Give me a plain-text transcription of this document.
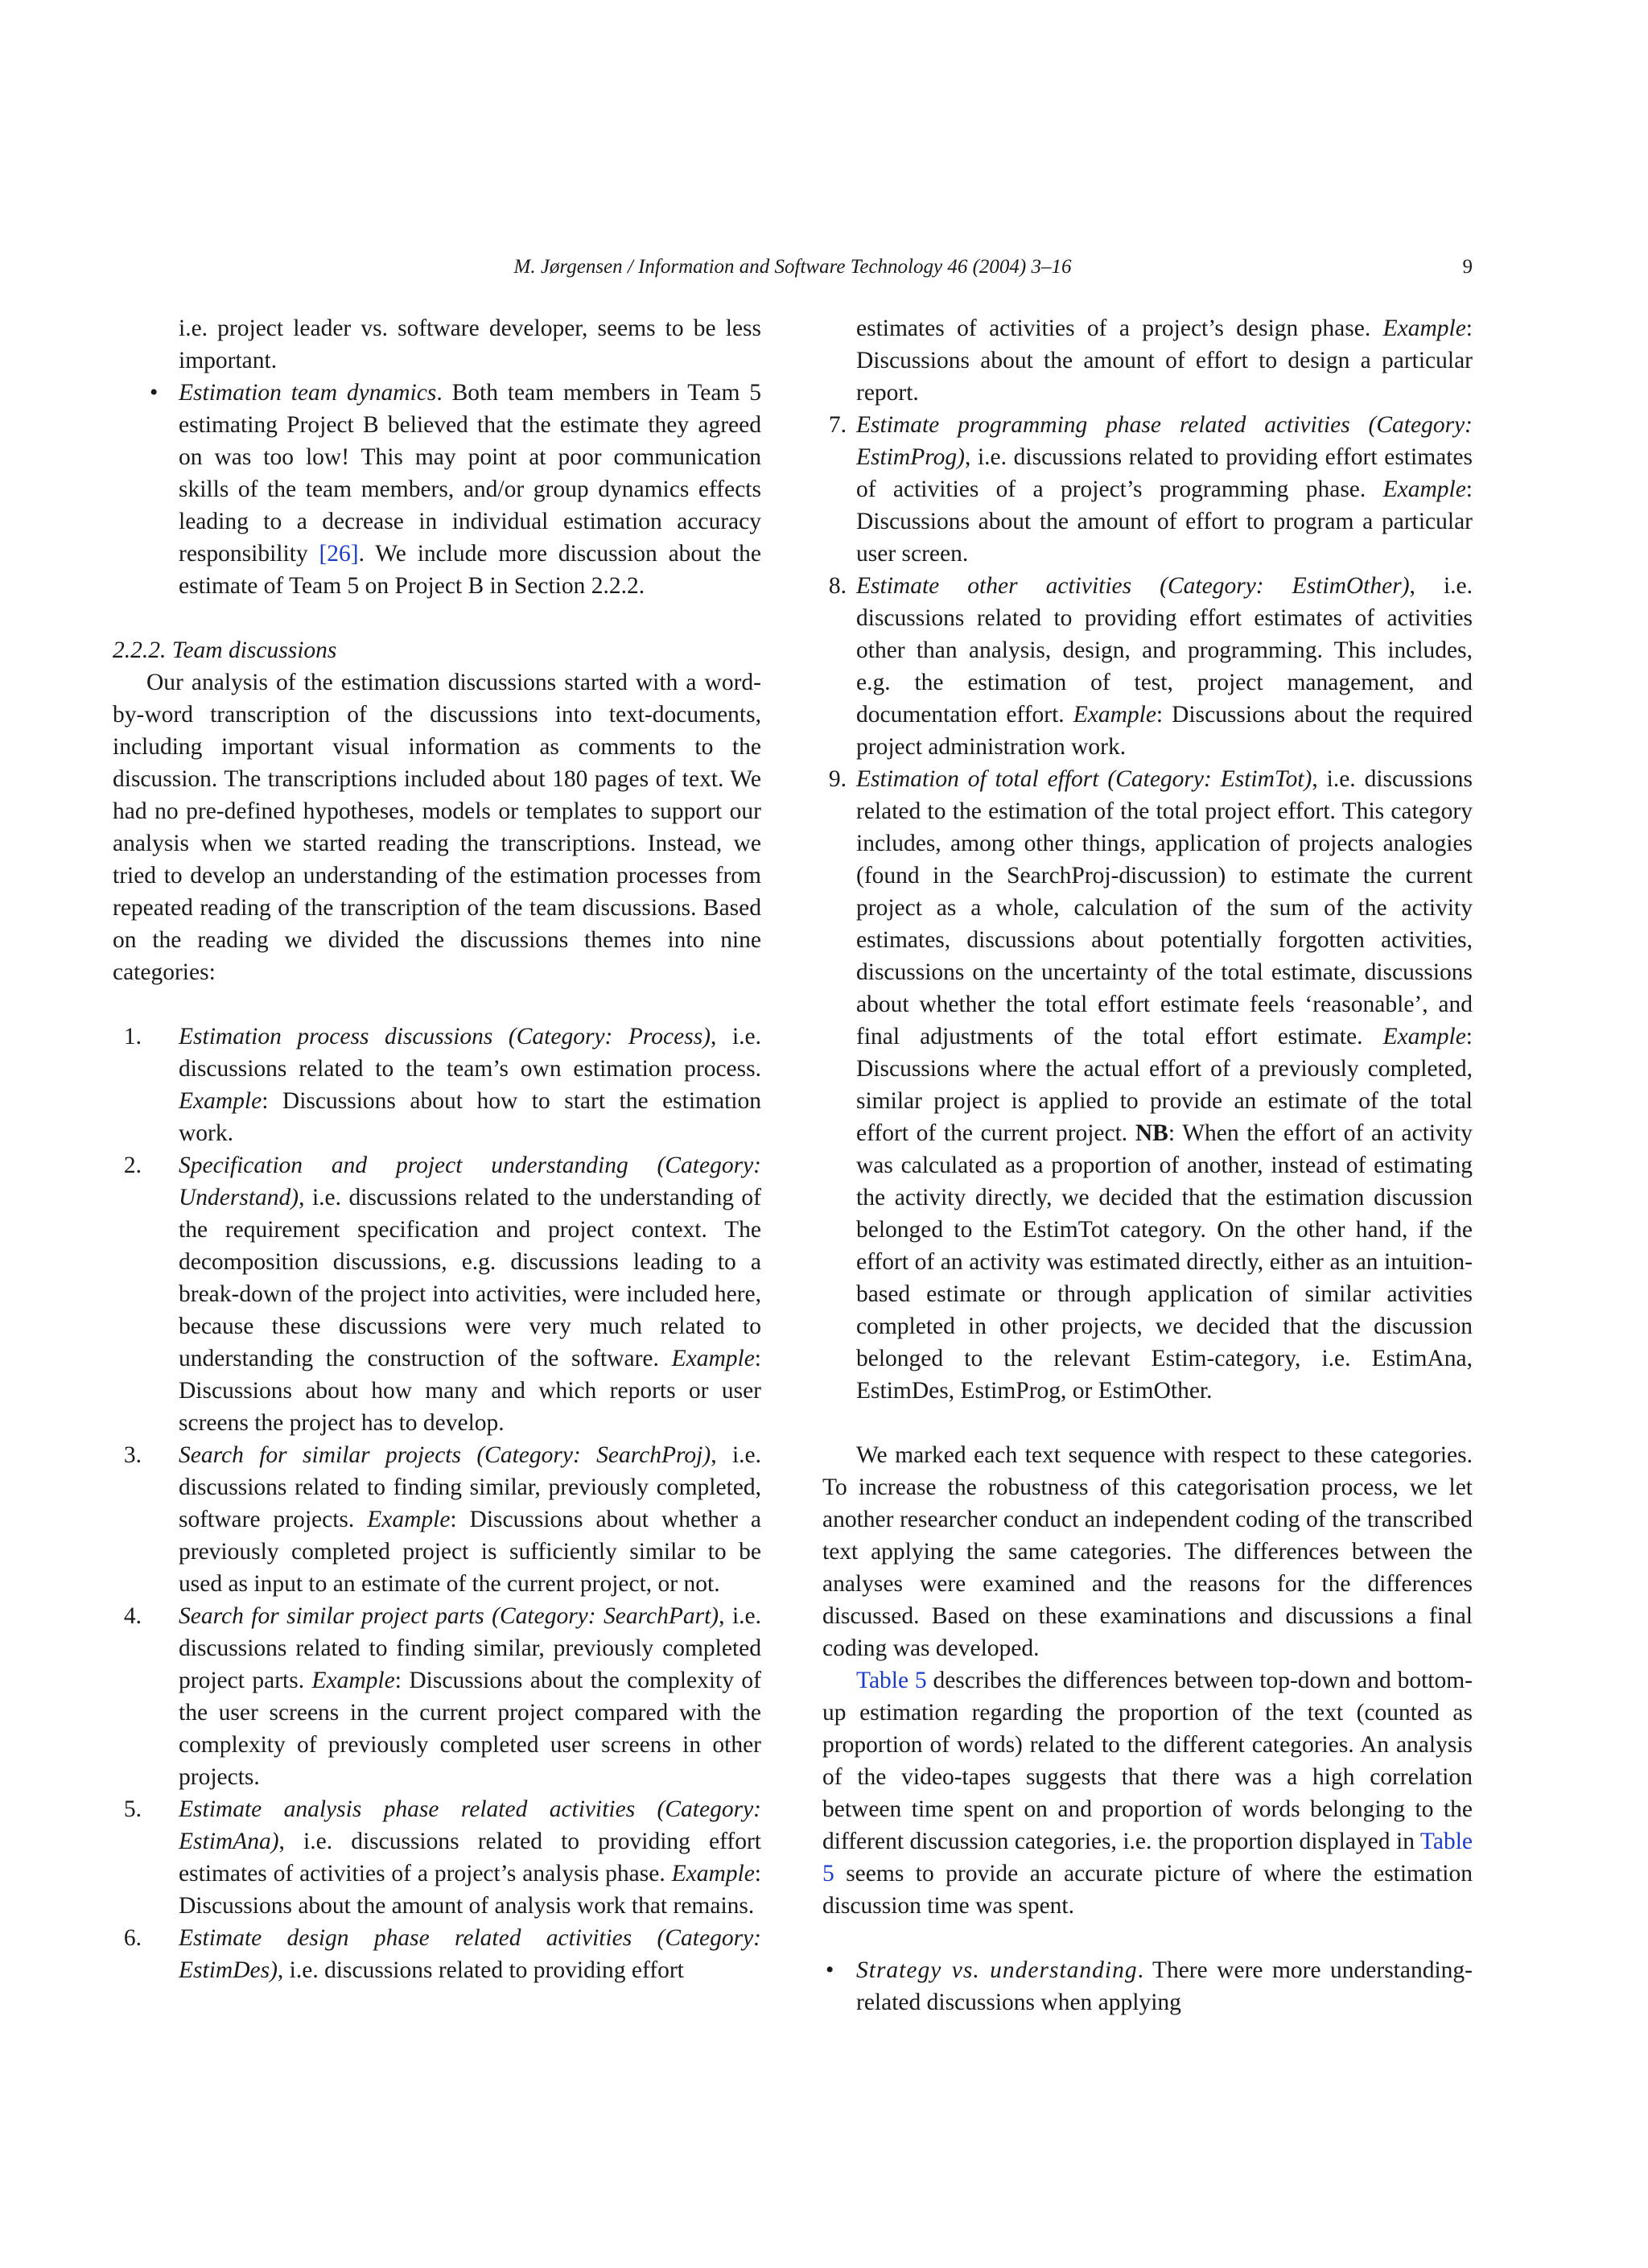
M. Jørgensen / Information and Software Technology 46 (2004) 3–16	9

i.e. project leader vs. software developer, seems to be less important.

• Estimation team dynamics. Both team members in Team 5 estimating Project B believed that the estimate they agreed on was too low! This may point at poor communication skills of the team members, and/or group dynamics effects leading to a decrease in individual estimation accuracy responsibility [26]. We include more discussion about the estimate of Team 5 on Project B in Section 2.2.2.

2.2.2. Team discussions

Our analysis of the estimation discussions started with a word-by-word transcription of the discussions into text-documents, including important visual information as comments to the discussion. The transcriptions included about 180 pages of text. We had no pre-defined hypotheses, models or templates to support our analysis when we started reading the transcriptions. Instead, we tried to develop an understanding of the estimation processes from repeated reading of the transcription of the team discussions. Based on the reading we divided the discussions themes into nine categories:

1. Estimation process discussions (Category: Process), i.e. discussions related to the team’s own estimation process. Example: Discussions about how to start the estimation work.
2. Specification and project understanding (Category: Understand), i.e. discussions related to the understanding of the requirement specification and project context. The decomposition discussions, e.g. discussions leading to a break-down of the project into activities, were included here, because these discussions were very much related to understanding the construction of the software. Example: Discussions about how many and which reports or user screens the project has to develop.
3. Search for similar projects (Category: SearchProj), i.e. discussions related to finding similar, previously completed, software projects. Example: Discussions about whether a previously completed project is sufficiently similar to be used as input to an estimate of the current project, or not.
4. Search for similar project parts (Category: SearchPart), i.e. discussions related to finding similar, previously completed project parts. Example: Discussions about the complexity of the user screens in the current project compared with the complexity of previously completed user screens in other projects.
5. Estimate analysis phase related activities (Category: EstimAna), i.e. discussions related to providing effort estimates of activities of a project’s analysis phase. Example: Discussions about the amount of analysis work that remains.
6. Estimate design phase related activities (Category: EstimDes), i.e. discussions related to providing effort

estimates of activities of a project’s design phase. Example: Discussions about the amount of effort to design a particular report.

7. Estimate programming phase related activities (Category: EstimProg), i.e. discussions related to providing effort estimates of activities of a project’s programming phase. Example: Discussions about the amount of effort to program a particular user screen.
8. Estimate other activities (Category: EstimOther), i.e. discussions related to providing effort estimates of activities other than analysis, design, and programming. This includes, e.g. the estimation of test, project management, and documentation effort. Example: Discussions about the required project administration work.
9. Estimation of total effort (Category: EstimTot), i.e. discussions related to the estimation of the total project effort. This category includes, among other things, application of projects analogies (found in the SearchProj-discussion) to estimate the current project as a whole, calculation of the sum of the activity estimates, discussions about potentially forgotten activities, discussions on the uncertainty of the total estimate, discussions about whether the total effort estimate feels ‘reasonable’, and final adjustments of the total effort estimate. Example: Discussions where the actual effort of a previously completed, similar project is applied to provide an estimate of the total effort of the current project. NB: When the effort of an activity was calculated as a proportion of another, instead of estimating the activity directly, we decided that the estimation discussion belonged to the EstimTot category. On the other hand, if the effort of an activity was estimated directly, either as an intuition-based estimate or through application of similar activities completed in other projects, we decided that the discussion belonged to the relevant Estim-category, i.e. EstimAna, EstimDes, EstimProg, or EstimOther.

We marked each text sequence with respect to these categories. To increase the robustness of this categorisation process, we let another researcher conduct an independent coding of the transcribed text applying the same categories. The differences between the analyses were examined and the reasons for the differences discussed. Based on these examinations and discussions a final coding was developed.

Table 5 describes the differences between top-down and bottom-up estimation regarding the proportion of the text (counted as proportion of words) related to the different categories. An analysis of the video-tapes suggests that there was a high correlation between time spent on and proportion of words belonging to the different discussion categories, i.e. the proportion displayed in Table 5 seems to provide an accurate picture of where the estimation discussion time was spent.

• Strategy vs. understanding. There were more understanding-related discussions when applying
